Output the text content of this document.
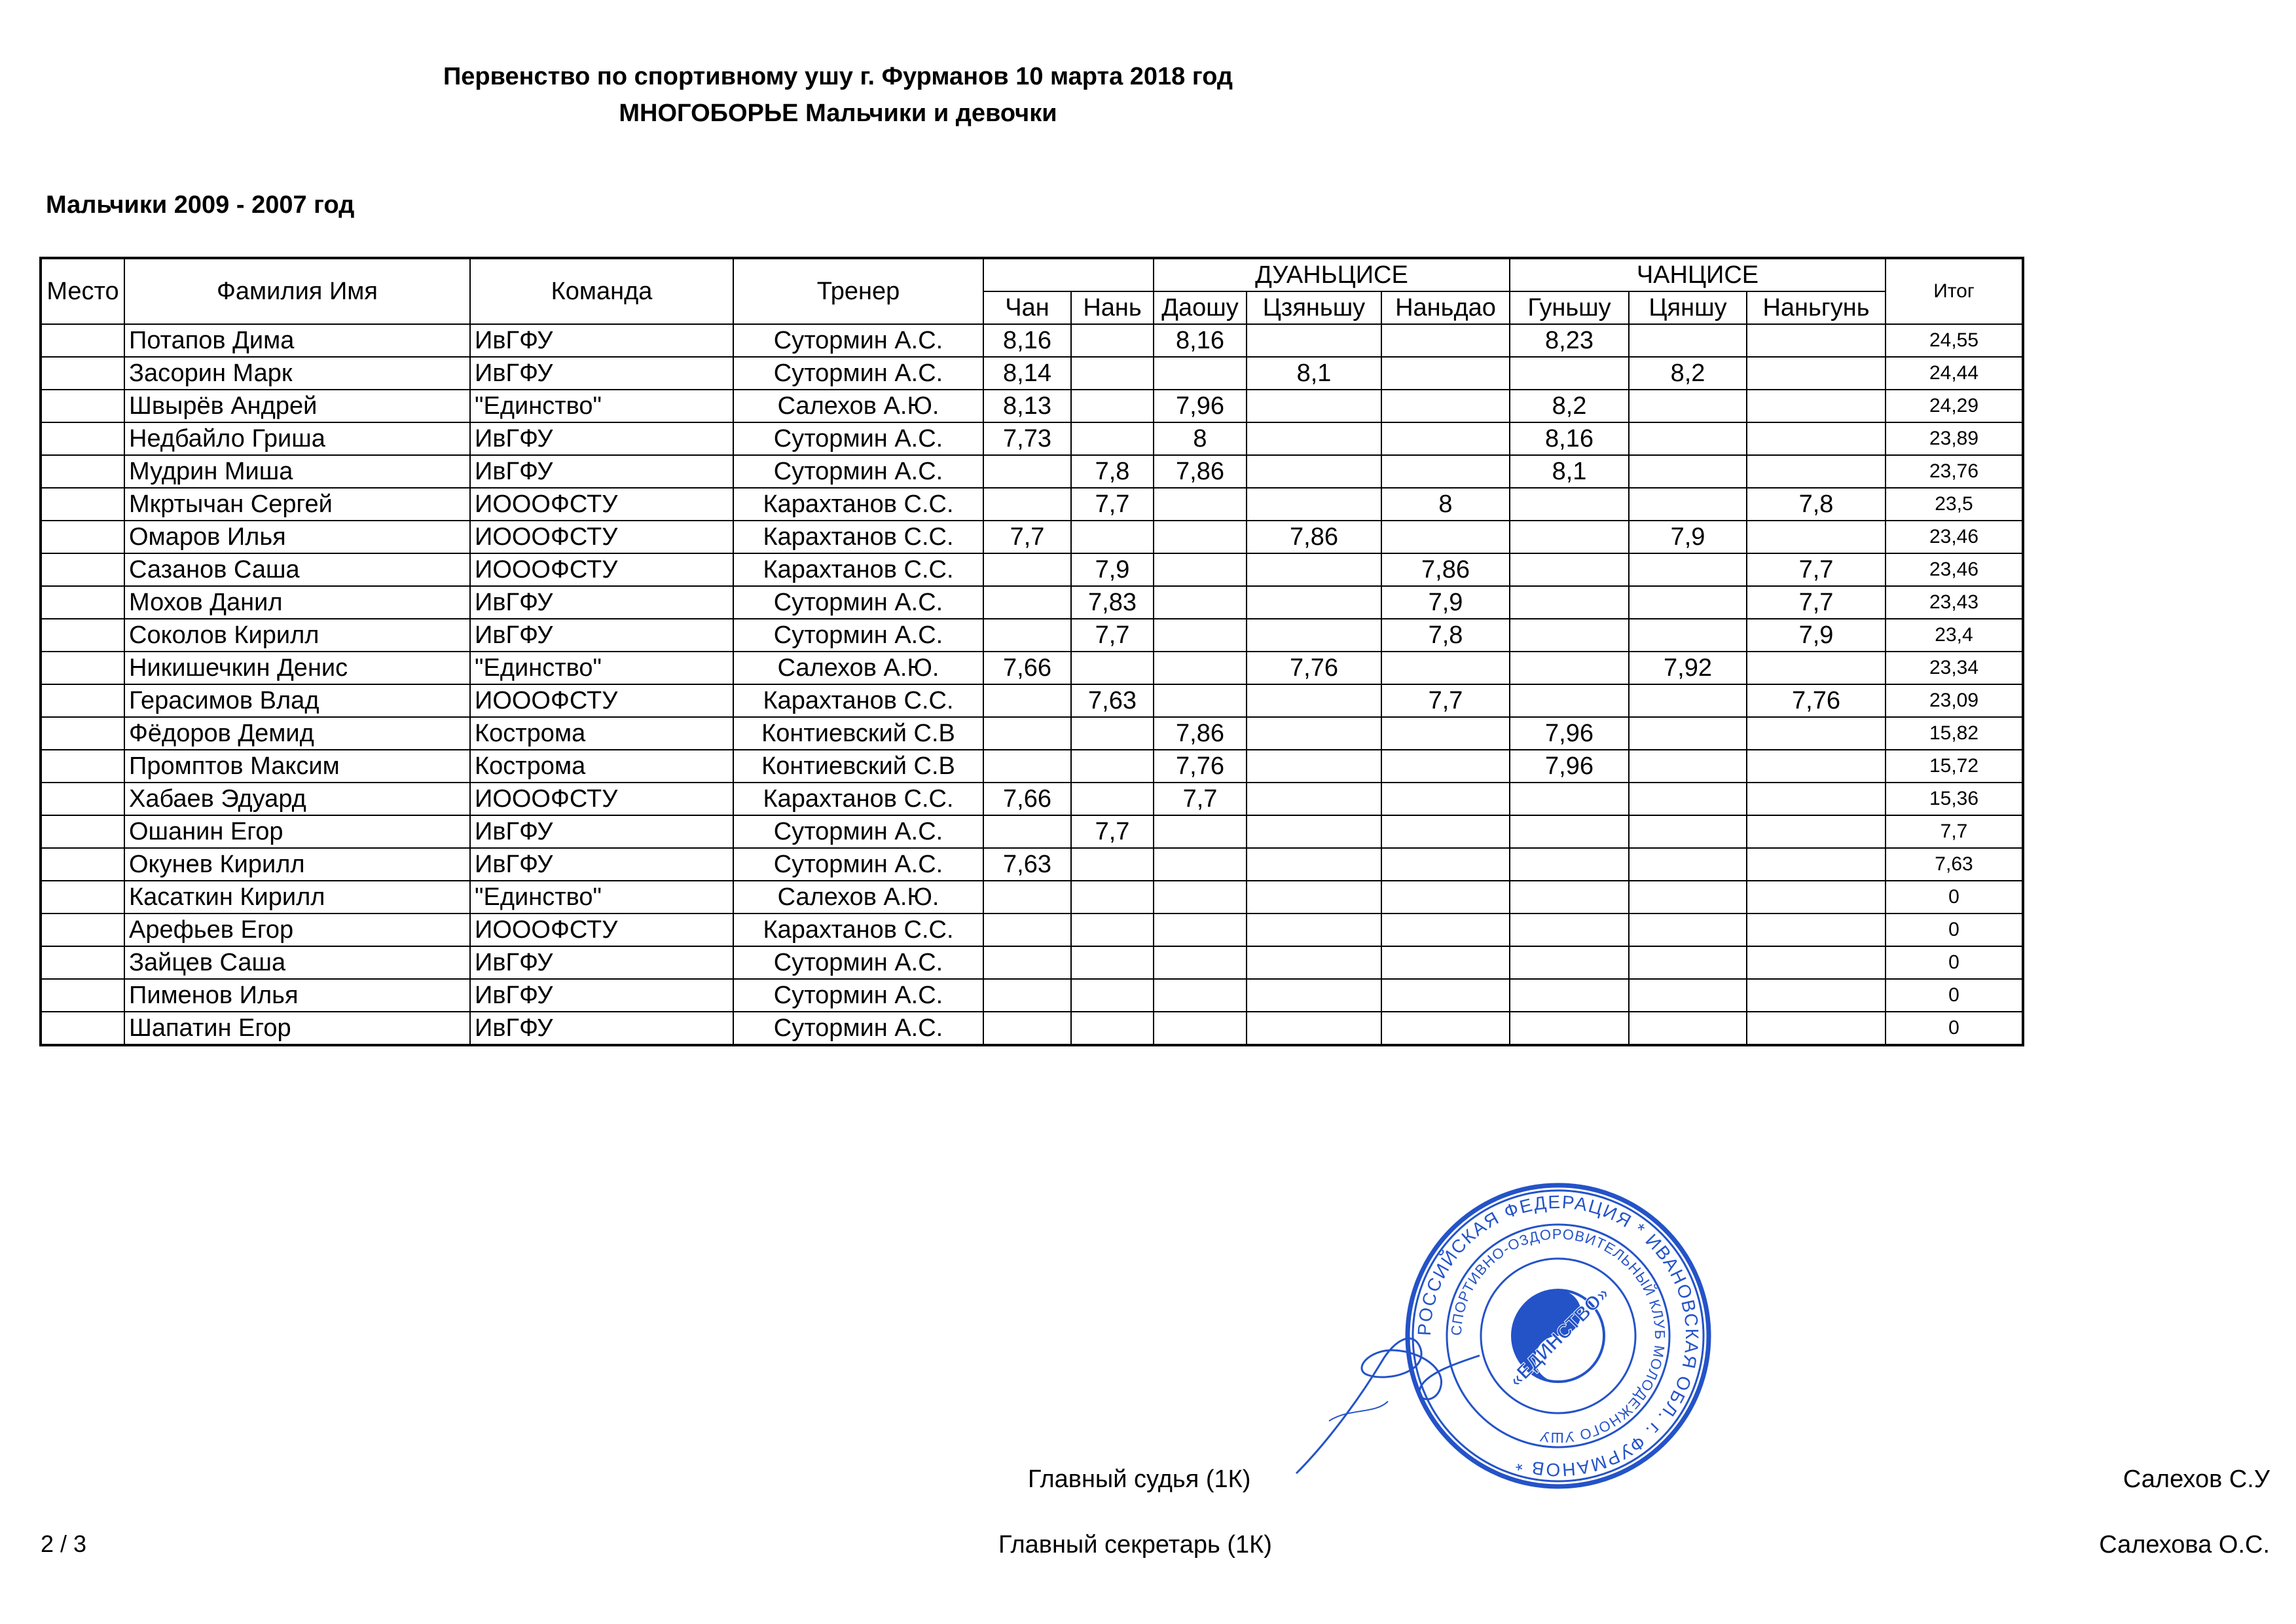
Первенство по спортивному ушу г. Фурманов 10 марта 2018 год
МНОГОБОРЬЕ Мальчики и девочки
Мальчики 2009 - 2007 год
Место	Фамилия Имя	Команда	Тренер			ДУАНЬЦИСЕ			ЧАНЦИСЕ			Итог
				Чан	Нань	Даошу	Цзяньшу	Наньдао	Гуньшу	Цяншу	Наньгунь	
	Потапов Дима	ИвГФУ	Сутормин А.С.	8,16		8,16			8,23			24,55
	Засорин Марк	ИвГФУ	Сутормин А.С.	8,14			8,1			8,2		24,44
	Швырёв Андрей	"Единство"	Салехов А.Ю.	8,13		7,96			8,2			24,29
	Недбайло Гриша	ИвГФУ	Сутормин А.С.	7,73		8			8,16			23,89
	Мудрин Миша	ИвГФУ	Сутормин А.С.		7,8	7,86			8,1			23,76
	Мкртычан Сергей	ИОООФСТУ	Карахтанов С.С.		7,7			8			7,8	23,5
	Омаров Илья	ИОООФСТУ	Карахтанов С.С.	7,7			7,86			7,9		23,46
	Сазанов Саша	ИОООФСТУ	Карахтанов С.С.		7,9			7,86			7,7	23,46
	Мохов Данил	ИвГФУ	Сутормин А.С.		7,83			7,9			7,7	23,43
	Соколов Кирилл	ИвГФУ	Сутормин А.С.		7,7			7,8			7,9	23,4
	Никишечкин Денис	"Единство"	Салехов А.Ю.	7,66			7,76			7,92		23,34
	Герасимов Влад	ИОООФСТУ	Карахтанов С.С.		7,63			7,7			7,76	23,09
	Фёдоров Демид	Кострома	Контиевский С.В			7,86			7,96			15,82
	Промптов Максим	Кострома	Контиевский С.В			7,76			7,96			15,72
	Хабаев Эдуард	ИОООФСТУ	Карахтанов С.С.	7,66		7,7						15,36
	Ошанин Егор	ИвГФУ	Сутормин А.С.		7,7							7,7
	Окунев Кирилл	ИвГФУ	Сутормин А.С.	7,63								7,63
	Касаткин Кирилл	"Единство"	Салехов А.Ю.									0
	Арефьев Егор	ИОООФСТУ	Карахтанов С.С.									0
	Зайцев Саша	ИвГФУ	Сутормин А.С.									0
	Пименов Илья	ИвГФУ	Сутормин А.С.									0
	Шапатин Егор	ИвГФУ	Сутормин А.С.									0
РОССИЙСКАЯ ФЕДЕРАЦИЯ * ИВАНОВСКАЯ ОБЛ. г. ФУРМАНОВ *
СПОРТИВНО-ОЗДОРОВИТЕЛЬНЫЙ КЛУБ МОЛОДЕЖНОГО УШУ
«ЕДИНСТВО»
Главный судья (1К)	Салехов С.У
2 / 3	Главный секретарь (1К)	Салехова О.С.
